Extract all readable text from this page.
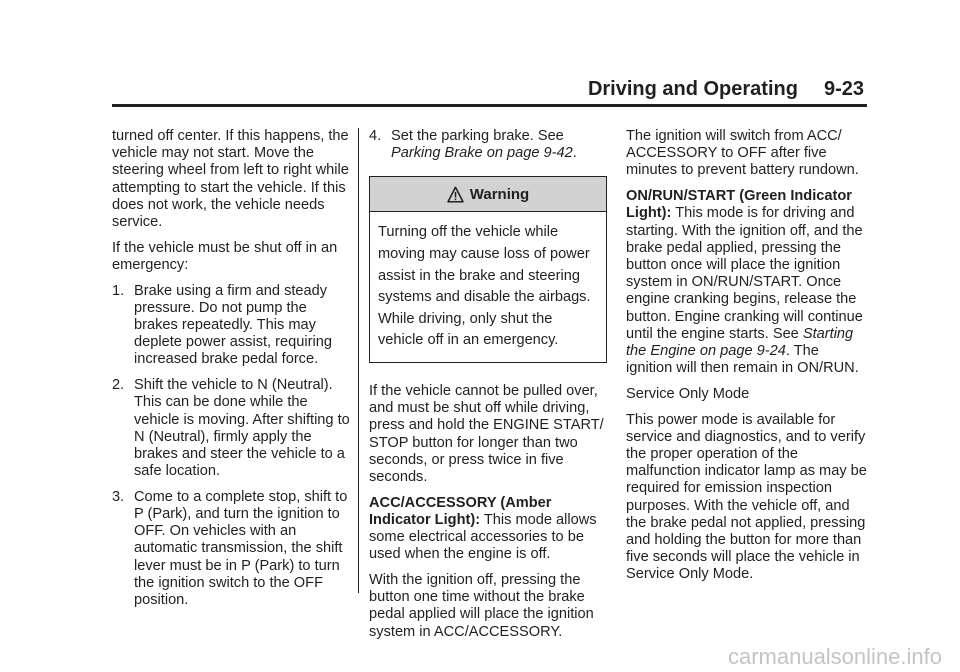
Driving and Operating 9-23

turned off center. If this happens, the vehicle may not start. Move the steering wheel from left to right while attempting to start the vehicle. If this does not work, the vehicle needs service.

If the vehicle must be shut off in an emergency:

1. Brake using a firm and steady pressure. Do not pump the brakes repeatedly. This may deplete power assist, requiring increased brake pedal force.
2. Shift the vehicle to N (Neutral). This can be done while the vehicle is moving. After shifting to N (Neutral), firmly apply the brakes and steer the vehicle to a safe location.
3. Come to a complete stop, shift to P (Park), and turn the ignition to OFF. On vehicles with an automatic transmission, the shift lever must be in P (Park) to turn the ignition switch to the OFF position.
4. Set the parking brake. See Parking Brake on page 9-42.
Warning
Turning off the vehicle while moving may cause loss of power assist in the brake and steering systems and disable the airbags. While driving, only shut the vehicle off in an emergency.

If the vehicle cannot be pulled over, and must be shut off while driving, press and hold the ENGINE START/ STOP button for longer than two seconds, or press twice in five seconds.

ACC/ACCESSORY (Amber Indicator Light): This mode allows some electrical accessories to be used when the engine is off.

With the ignition off, pressing the button one time without the brake pedal applied will place the ignition system in ACC/ACCESSORY.

The ignition will switch from ACC/ ACCESSORY to OFF after five minutes to prevent battery rundown.

ON/RUN/START (Green Indicator Light): This mode is for driving and starting. With the ignition off, and the brake pedal applied, pressing the button once will place the ignition system in ON/RUN/START. Once engine cranking begins, release the button. Engine cranking will continue until the engine starts. See Starting the Engine on page 9-24. The ignition will then remain in ON/RUN.

Service Only Mode

This power mode is available for service and diagnostics, and to verify the proper operation of the malfunction indicator lamp as may be required for emission inspection purposes. With the vehicle off, and the brake pedal not applied, pressing and holding the button for more than five seconds will place the vehicle in Service Only Mode.

carmanualsonline.info
